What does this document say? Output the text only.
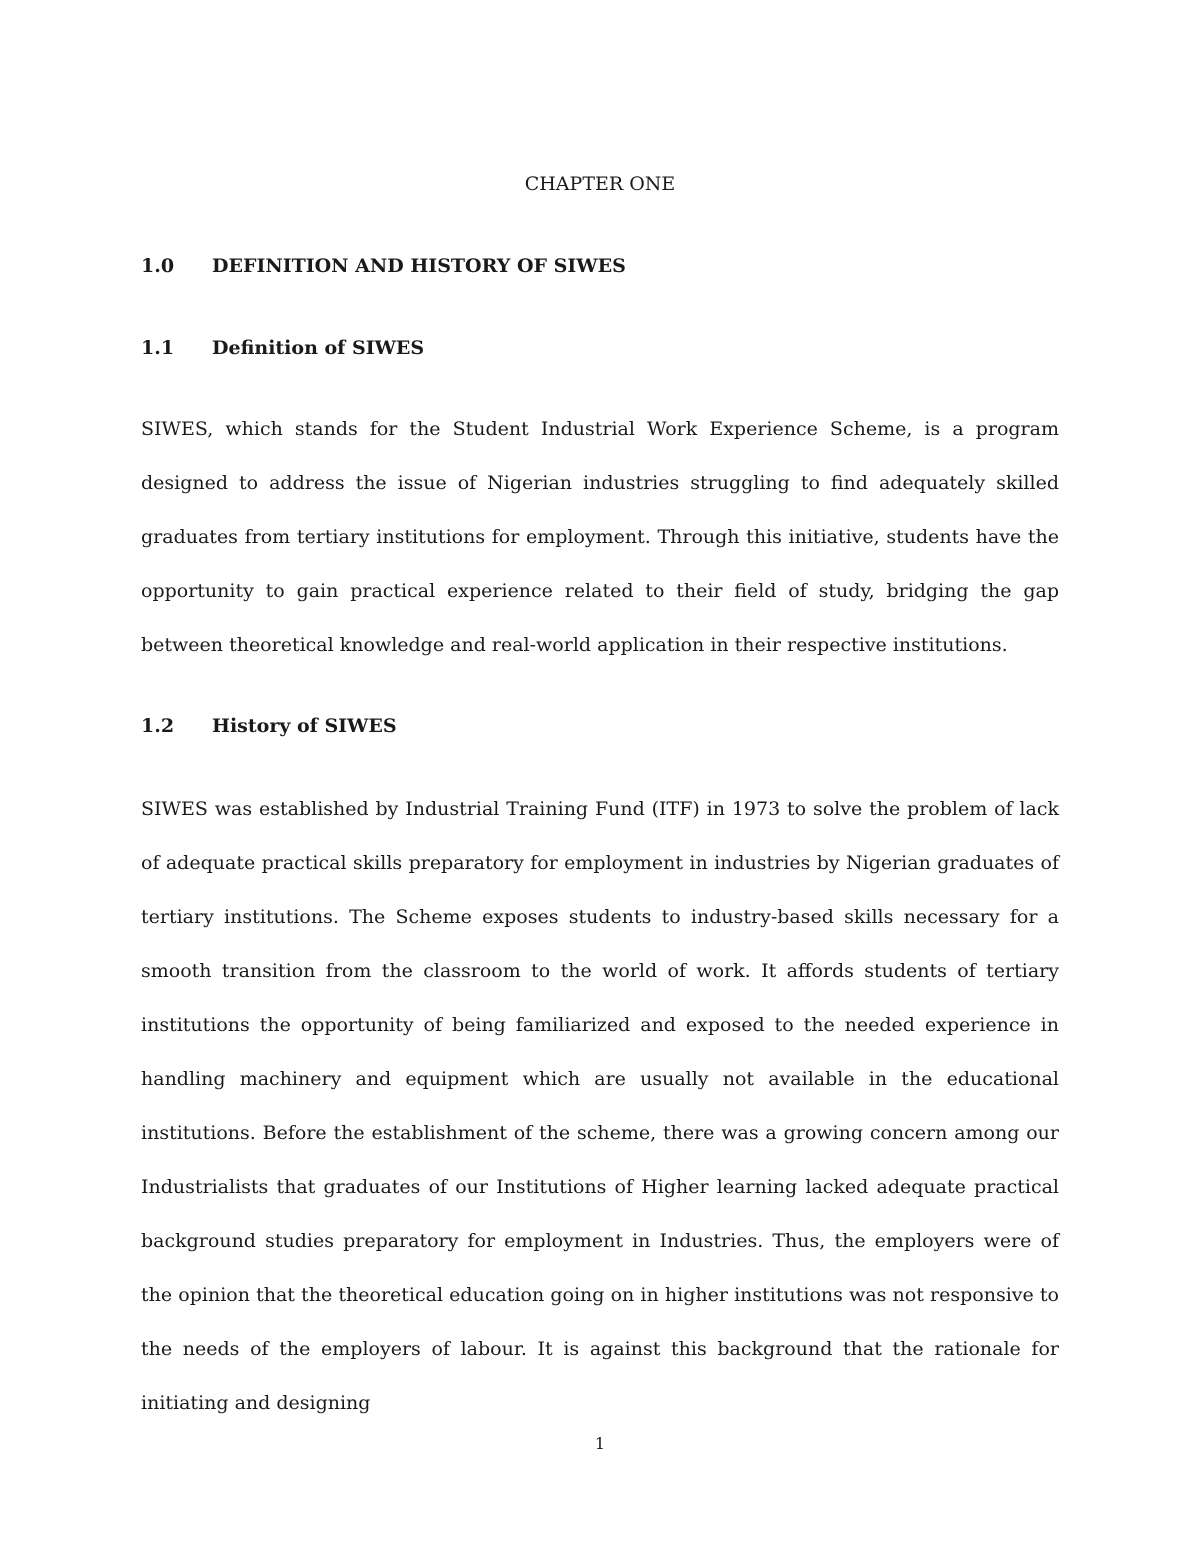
CHAPTER ONE
1.0 DEFINITION AND HISTORY OF SIWES
1.1 Definition of SIWES

SIWES, which stands for the Student Industrial Work Experience Scheme, is a program designed to address the issue of Nigerian industries struggling to find adequately skilled graduates from tertiary institutions for employment. Through this initiative, students have the opportunity to gain practical experience related to their field of study, bridging the gap between theoretical knowledge and real-world application in their respective institutions.

1.2 History of SIWES

SIWES was established by Industrial Training Fund (ITF) in 1973 to solve the problem of lack of adequate practical skills preparatory for employment in industries by Nigerian graduates of tertiary institutions. The Scheme exposes students to industry-based skills necessary for a smooth transition from the classroom to the world of work. It affords students of tertiary institutions the opportunity of being familiarized and exposed to the needed experience in handling machinery and equipment which are usually not available in the educational institutions. Before the establishment of the scheme, there was a growing concern among our Industrialists that graduates of our Institutions of Higher learning lacked adequate practical background studies preparatory for employment in Industries. Thus, the employers were of the opinion that the theoretical education going on in higher institutions was not responsive to the needs of the employers of labour. It is against this background that the rationale for initiating and designing

1
